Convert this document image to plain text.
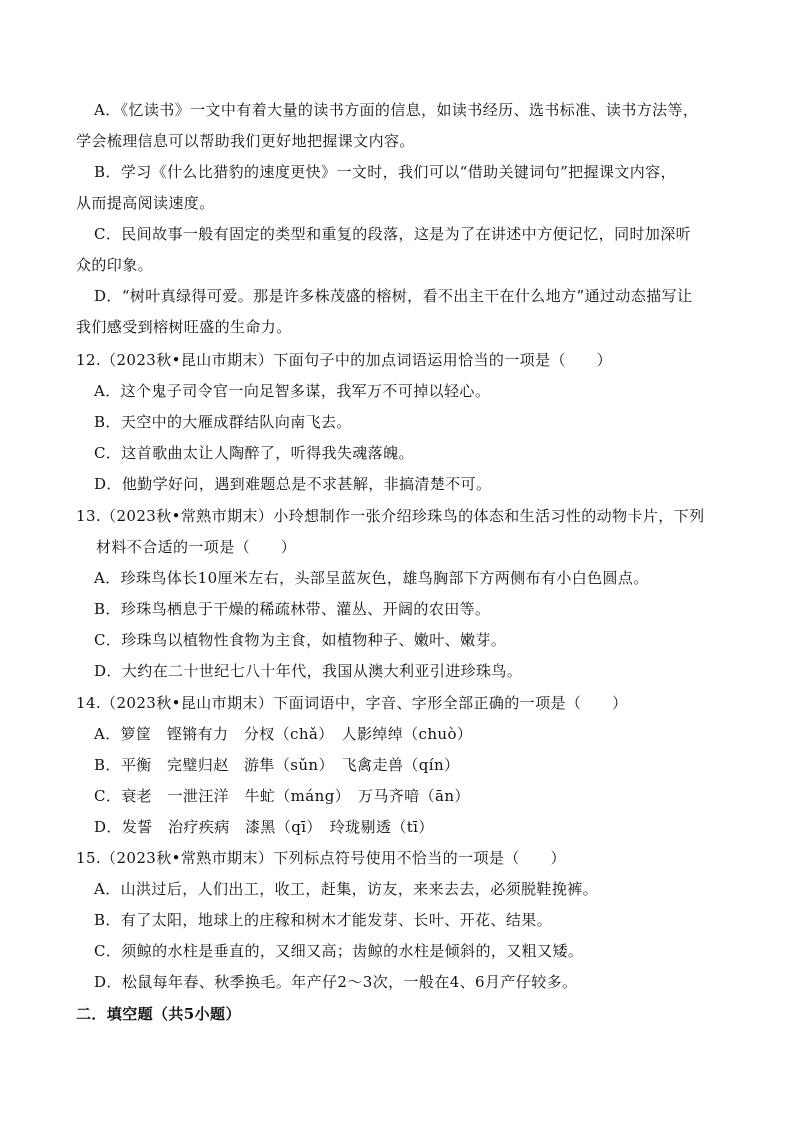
A．《忆读书》一文中有着大量的读书方面的信息，如读书经历、选书标准、读书方法等，
学会梳理信息可以帮助我们更好地把握课文内容。
B．学习《什么比猎豹的速度更快》一文时，我们可以“借助关键词句”把握课文内容，
从而提高阅读速度。
C．民间故事一般有固定的类型和重复的段落，这是为了在讲述中方便记忆，同时加深听
众的印象。
D．“树叶真绿得可爱。那是许多株茂盛的榕树，看不出主干在什么地方”通过动态描写让
我们感受到榕树旺盛的生命力。
12.（2023秋•昆山市期末）下面句子中的加点词语运用恰当的一项是（　　）
A．这个鬼子司令官一向足智多谋，我军万不可掉以轻心。
B．天空中的大雁成群结队向南飞去。
C．这首歌曲太让人陶醉了，听得我失魂落魄。
D．他勤学好问，遇到难题总是不求甚解，非搞清楚不可。
13.（2023秋•常熟市期末）小玲想制作一张介绍珍珠鸟的体态和生活习性的动物卡片，下列
材料不合适的一项是（　　）
A．珍珠鸟体长10厘米左右，头部呈蓝灰色，雄鸟胸部下方两侧布有小白色圆点。
B．珍珠鸟栖息于干燥的稀疏林带、灌丛、开阔的农田等。
C．珍珠鸟以植物性食物为主食，如植物种子、嫩叶、嫩芽。
D．大约在二十世纪七八十年代，我国从澳大利亚引进珍珠鸟。
14.（2023秋•昆山市期末）下面词语中，字音、字形全部正确的一项是（　　）
A．箩筐　铿锵有力　分杈（chǎ）　人影绰绰（chuò）
B．平衡　完璧归赵　游隼（sǔn）　飞禽走兽（qín）
C．衰老　一泄汪洋　牛虻（máng）　万马齐喑（ān）
D．发誓　治疗疾病　漆黑（qī）　玲珑剔透（tī）
15.（2023秋•常熟市期末）下列标点符号使用不恰当的一项是（　　）
A．山洪过后，人们出工，收工，赶集，访友，来来去去，必须脱鞋挽裤。
B．有了太阳，地球上的庄稼和树木才能发芽、长叶、开花、结果。
C．须鲸的水柱是垂直的，又细又高；齿鲸的水柱是倾斜的，又粗又矮。
D．松鼠每年春、秋季换毛。年产仔2～3次，一般在4、6月产仔较多。
二．填空题（共5小题）
